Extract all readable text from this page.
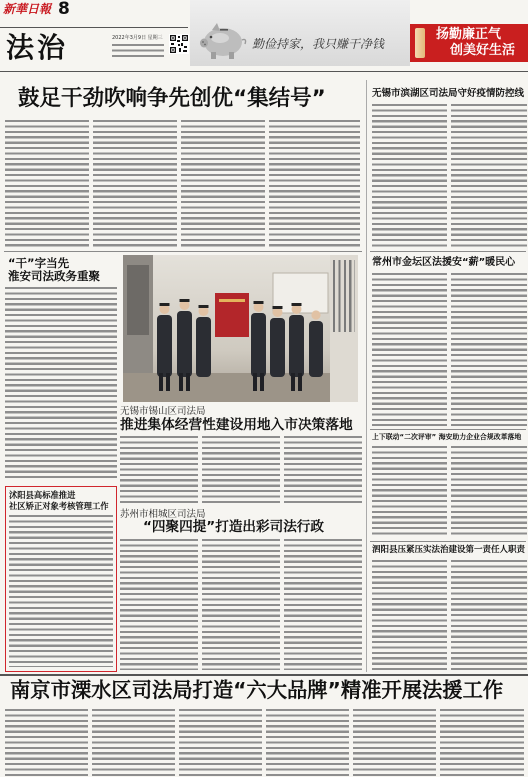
新華日報 8
法治	2022年3月9日 星期三	勤俭持家，我只赚干净钱
扬勤廉正气
创美好生活
鼓足干劲吹响争先创优“集结号”	无锡市滨湖区司法局守好疫情防控线
“干”字当先
淮安司法政务重聚
无锡市锡山区司法局
推进集体经营性建设用地入市决策落地
沭阳县高标准推进
社区矫正对象考核管理工作
苏州市相城区司法局
“四聚四提”打造出彩司法行政
常州市金坛区法援安“薪”暖民心
上下联动“二次评审” 海安助力企业合规改革落地
泗阳县压紧压实法治建设第一责任人职责
南京市溧水区司法局打造“六大品牌”精准开展法援工作
